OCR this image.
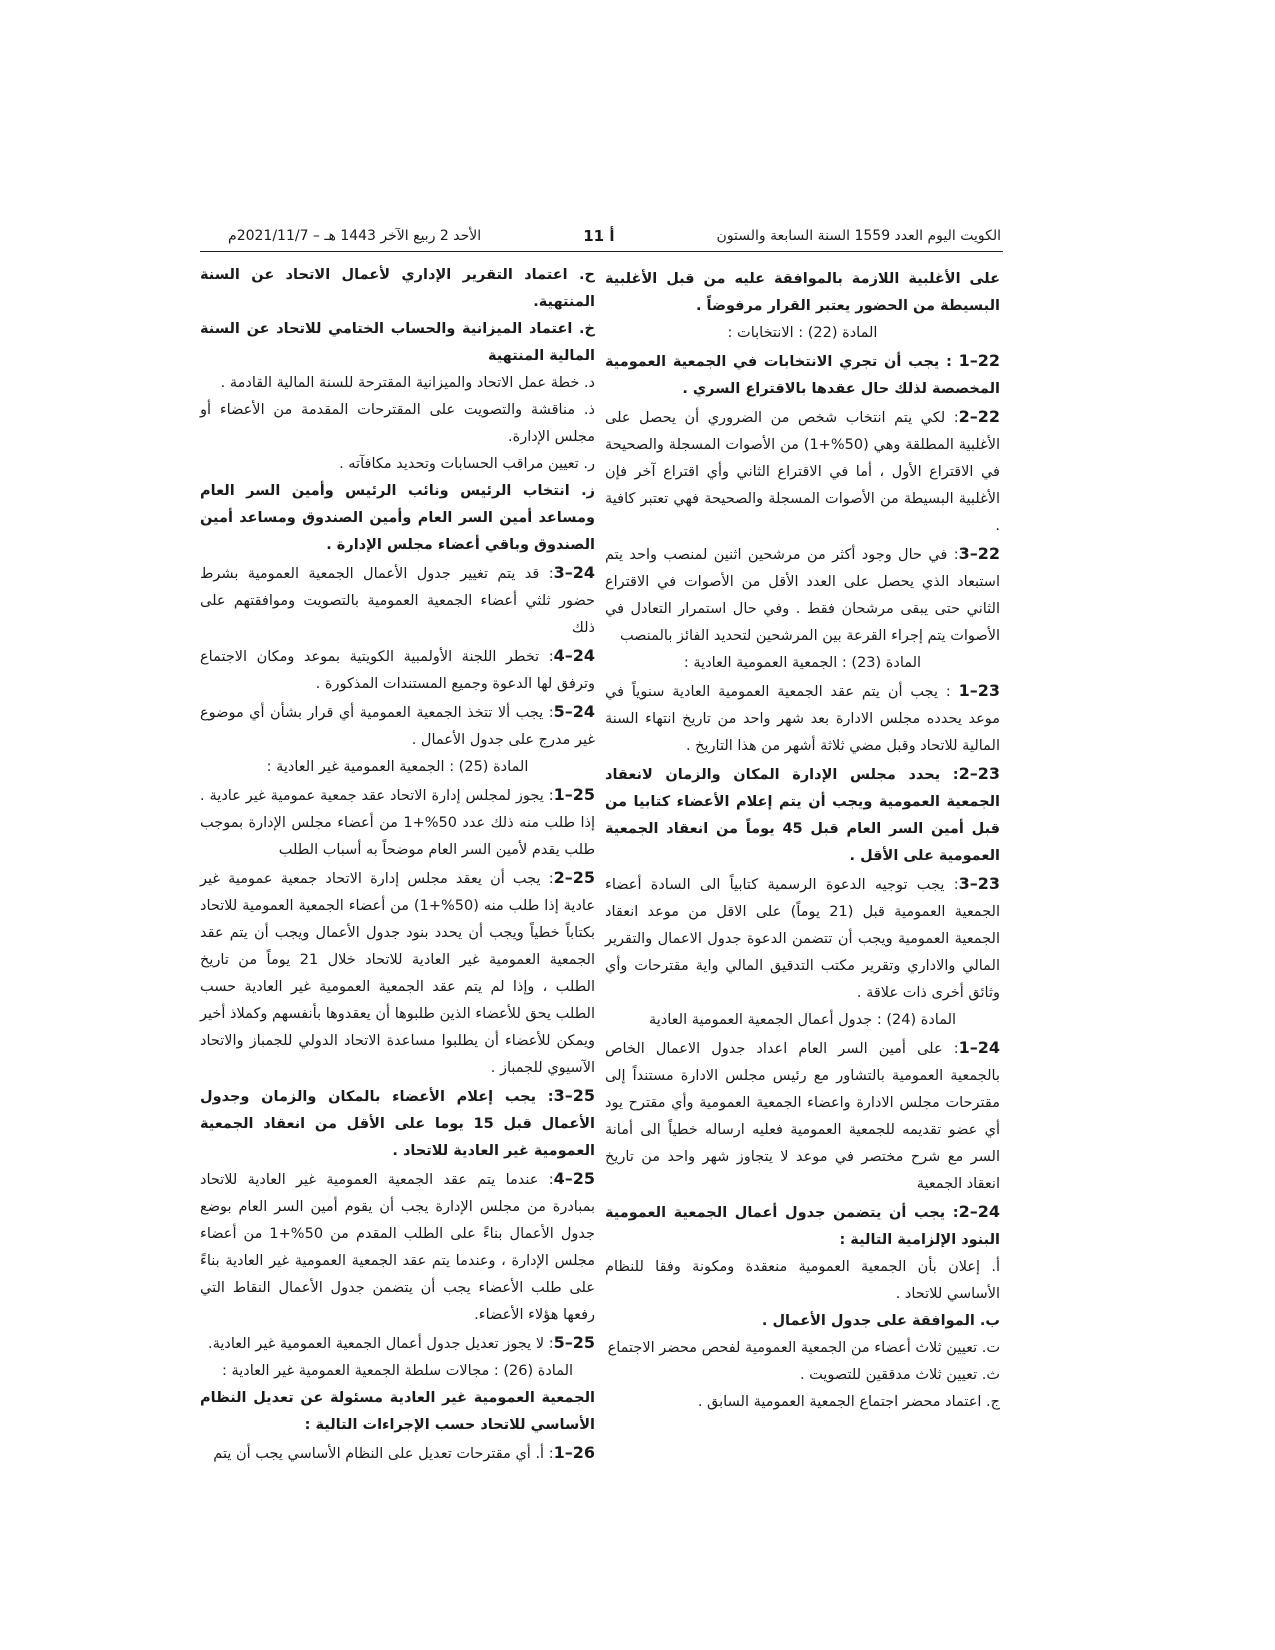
الكويت اليوم العدد 1559 السنة السابعة والستون
أ 11
الأحد 2 ربيع الآخر 1443 هـ – 2021/11/7م

على الأغلبية اللازمة بالموافقة عليه من قبل الأغلبية البسيطة من الحضور يعتبر القرار مرفوضاً .

المادة (22) : الانتخابات :

22–1 : يجب أن تجري الانتخابات في الجمعية العمومية المخصصة لذلك حال عقدها بالاقتراع السري .

22–2: لكي يتم انتخاب شخص من الضروري أن يحصل على الأغلبية المطلقة وهي (50%+1) من الأصوات المسجلة والصحيحة في الاقتراع الأول ، أما في الاقتراع الثاني وأي اقتراع آخر فإن الأغلبية البسيطة من الأصوات المسجلة والصحيحة فهي تعتبر كافية .

22–3: في حال وجود أكثر من مرشحين اثنين لمنصب واحد يتم استبعاد الذي يحصل على العدد الأقل من الأصوات في الاقتراع الثاني حتى يبقى مرشحان فقط . وفي حال استمرار التعادل في الأصوات يتم إجراء القرعة بين المرشحين لتحديد الفائز بالمنصب

المادة (23) : الجمعية العمومية العادية :

23–1 : يجب أن يتم عقد الجمعية العمومية العادية سنوياً في موعد يحدده مجلس الادارة بعد شهر واحد من تاريخ انتهاء السنة المالية للاتحاد وقبل مضي ثلاثة أشهر من هذا التاريخ .

23–2: يحدد مجلس الإدارة المكان والزمان لانعقاد الجمعية العمومية ويجب أن يتم إعلام الأعضاء كتابيا من قبل أمين السر العام قبل 45 يوماً من انعقاد الجمعية العمومية على الأقل .

23–3: يجب توجيه الدعوة الرسمية كتابياً الى السادة أعضاء الجمعية العمومية قبل (21 يوماً) على الاقل من موعد انعقاد الجمعية العمومية ويجب أن تتضمن الدعوة جدول الاعمال والتقرير المالي والاداري وتقرير مكتب التدقيق المالي واية مقترحات وأي وثائق أخرى ذات علاقة .

المادة (24) : جدول أعمال الجمعية العمومية العادية

24–1: على أمين السر العام اعداد جدول الاعمال الخاص بالجمعية العمومية بالتشاور مع رئيس مجلس الادارة مستنداً إلى مقترحات مجلس الادارة واعضاء الجمعية العمومية وأي مقترح يود أي عضو تقديمه للجمعية العمومية فعليه ارساله خطياً الى أمانة السر مع شرح مختصر في موعد لا يتجاوز شهر واحد من تاريخ انعقاد الجمعية

24–2: يجب أن يتضمن جدول أعمال الجمعية العمومية البنود الإلزامية التالية :

أ. إعلان بأن الجمعية العمومية منعقدة ومكونة وفقا للنظام الأساسي للاتحاد .

ب. الموافقة على جدول الأعمال .

ت. تعيين ثلاث أعضاء من الجمعية العمومية لفحص محضر الاجتماع

ث. تعيين ثلاث مدققين للتصويت .

ج. اعتماد محضر اجتماع الجمعية العمومية السابق .

ح. اعتماد التقرير الإداري لأعمال الاتحاد عن السنة المنتهية.

خ. اعتماد الميزانية والحساب الختامي للاتحاد عن السنة المالية المنتهية

د. خطة عمل الاتحاد والميزانية المقترحة للسنة المالية القادمة .

ذ. مناقشة والتصويت على المقترحات المقدمة من الأعضاء أو مجلس الإدارة.

ر. تعيين مراقب الحسابات وتحديد مكافآته .

ز. انتخاب الرئيس ونائب الرئيس وأمين السر العام ومساعد أمين السر العام وأمين الصندوق ومساعد أمين الصندوق وباقي أعضاء مجلس الإدارة .

24–3: قد يتم تغيير جدول الأعمال الجمعية العمومية بشرط حضور ثلثي أعضاء الجمعية العمومية بالتصويت وموافقتهم على ذلك

24–4: تخطر اللجنة الأولمبية الكويتية بموعد ومكان الاجتماع وترفق لها الدعوة وجميع المستندات المذكورة .

24–5: يجب ألا تتخذ الجمعية العمومية أي قرار بشأن أي موضوع غير مدرج على جدول الأعمال .

المادة (25) : الجمعية العمومية غير العادية :

25–1: يجوز لمجلس إدارة الاتحاد عقد جمعية عمومية غير عادية . إذا طلب منه ذلك عدد 50%+1 من أعضاء مجلس الإدارة بموجب طلب يقدم لأمين السر العام موضحاً به أسباب الطلب

25–2: يجب أن يعقد مجلس إدارة الاتحاد جمعية عمومية غير عادية إذا طلب منه (50%+1) من أعضاء الجمعية العمومية للاتحاد بكتاباً خطياً ويجب أن يحدد بنود جدول الأعمال ويجب أن يتم عقد الجمعية العمومية غير العادية للاتحاد خلال 21 يوماً من تاريخ الطلب ، وإذا لم يتم عقد الجمعية العمومية غير العادية حسب الطلب يحق للأعضاء الذين طلبوها أن يعقدوها بأنفسهم وكملاذ أخير ويمكن للأعضاء أن يطلبوا مساعدة الاتحاد الدولي للجمباز والاتحاد الآسيوي للجمباز .

25–3: يجب إعلام الأعضاء بالمكان والزمان وجدول الأعمال قبل 15 يوما على الأقل من انعقاد الجمعية العمومية غير العادية للاتحاد .

25–4: عندما يتم عقد الجمعية العمومية غير العادية للاتحاد بمبادرة من مجلس الإدارة يجب أن يقوم أمين السر العام بوضع جدول الأعمال بناءً على الطلب المقدم من 50%+1 من أعضاء مجلس الإدارة ، وعندما يتم عقد الجمعية العمومية غير العادية بناءً على طلب الأعضاء يجب أن يتضمن جدول الأعمال النقاط التي رفعها هؤلاء الأعضاء.

25–5: لا يجوز تعديل جدول أعمال الجمعية العمومية غير العادية.

المادة (26) : مجالات سلطة الجمعية العمومية غير العادية :

الجمعية العمومية غير العادية مسئولة عن تعديل النظام الأساسي للاتحاد حسب الإجراءات التالية :

26–1: أ. أي مقترحات تعديل على النظام الأساسي يجب أن يتم
